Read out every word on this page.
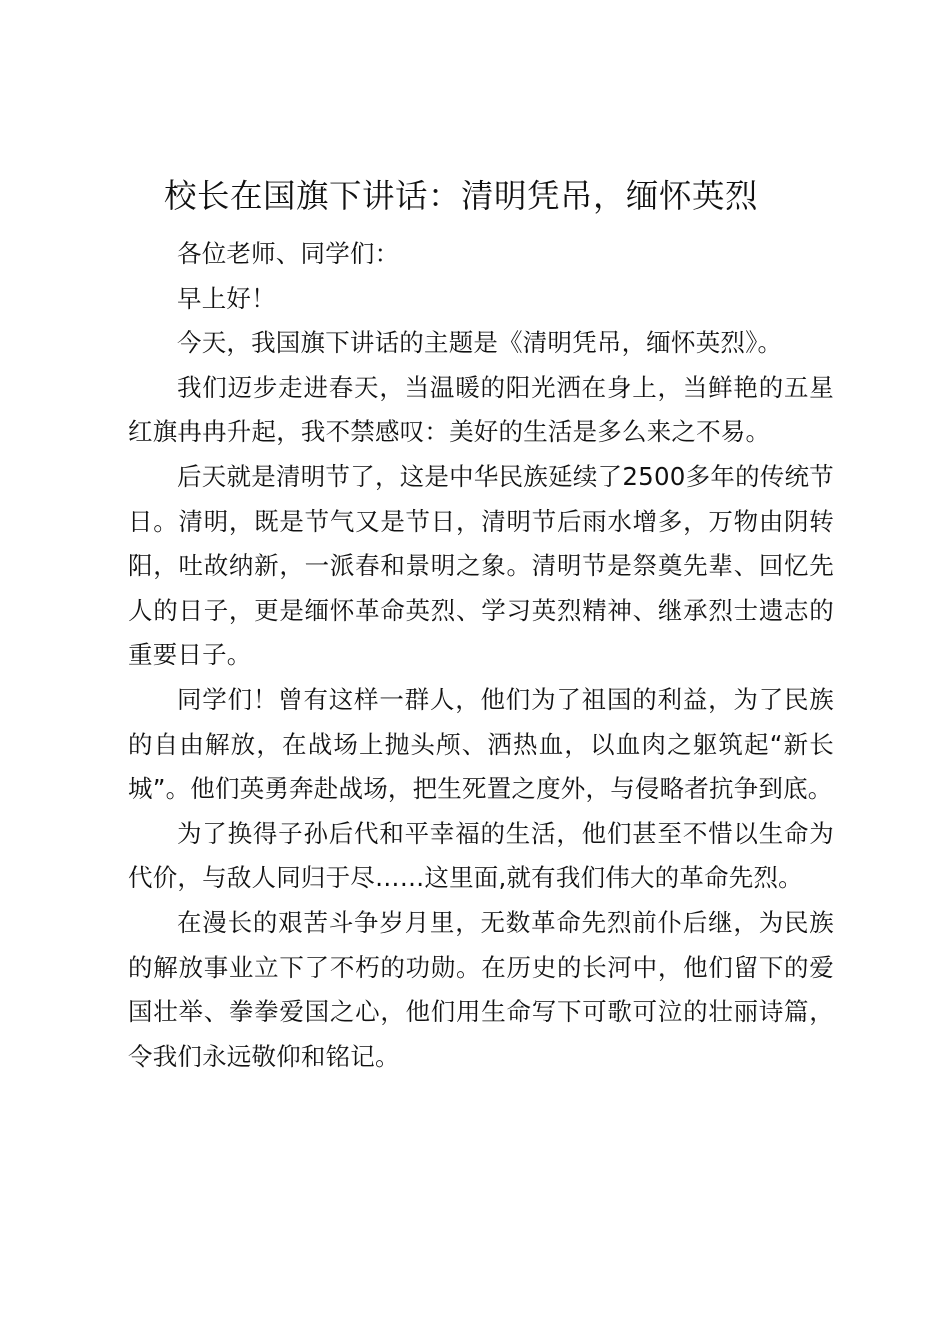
校长在国旗下讲话：清明凭吊，缅怀英烈

各位老师、同学们：

早上好！

今天，我国旗下讲话的主题是《清明凭吊，缅怀英烈》。

我们迈步走进春天，当温暖的阳光洒在身上，当鲜艳的五星红旗冉冉升起，我不禁感叹：美好的生活是多么来之不易。

后天就是清明节了，这是中华民族延续了2500多年的传统节日。清明，既是节气又是节日，清明节后雨水增多，万物由阴转阳，吐故纳新，一派春和景明之象。清明节是祭奠先辈、回忆先人的日子，更是缅怀革命英烈、学习英烈精神、继承烈士遗志的重要日子。

同学们！曾有这样一群人，他们为了祖国的利益，为了民族的自由解放，在战场上抛头颅、洒热血，以血肉之躯筑起“新长城”。他们英勇奔赴战场，把生死置之度外，与侵略者抗争到底。

为了换得子孙后代和平幸福的生活，他们甚至不惜以生命为代价，与敌人同归于尽……这里面,就有我们伟大的革命先烈。

在漫长的艰苦斗争岁月里，无数革命先烈前仆后继，为民族的解放事业立下了不朽的功勋。在历史的长河中，他们留下的爱国壮举、拳拳爱国之心，他们用生命写下可歌可泣的壮丽诗篇，令我们永远敬仰和铭记。
